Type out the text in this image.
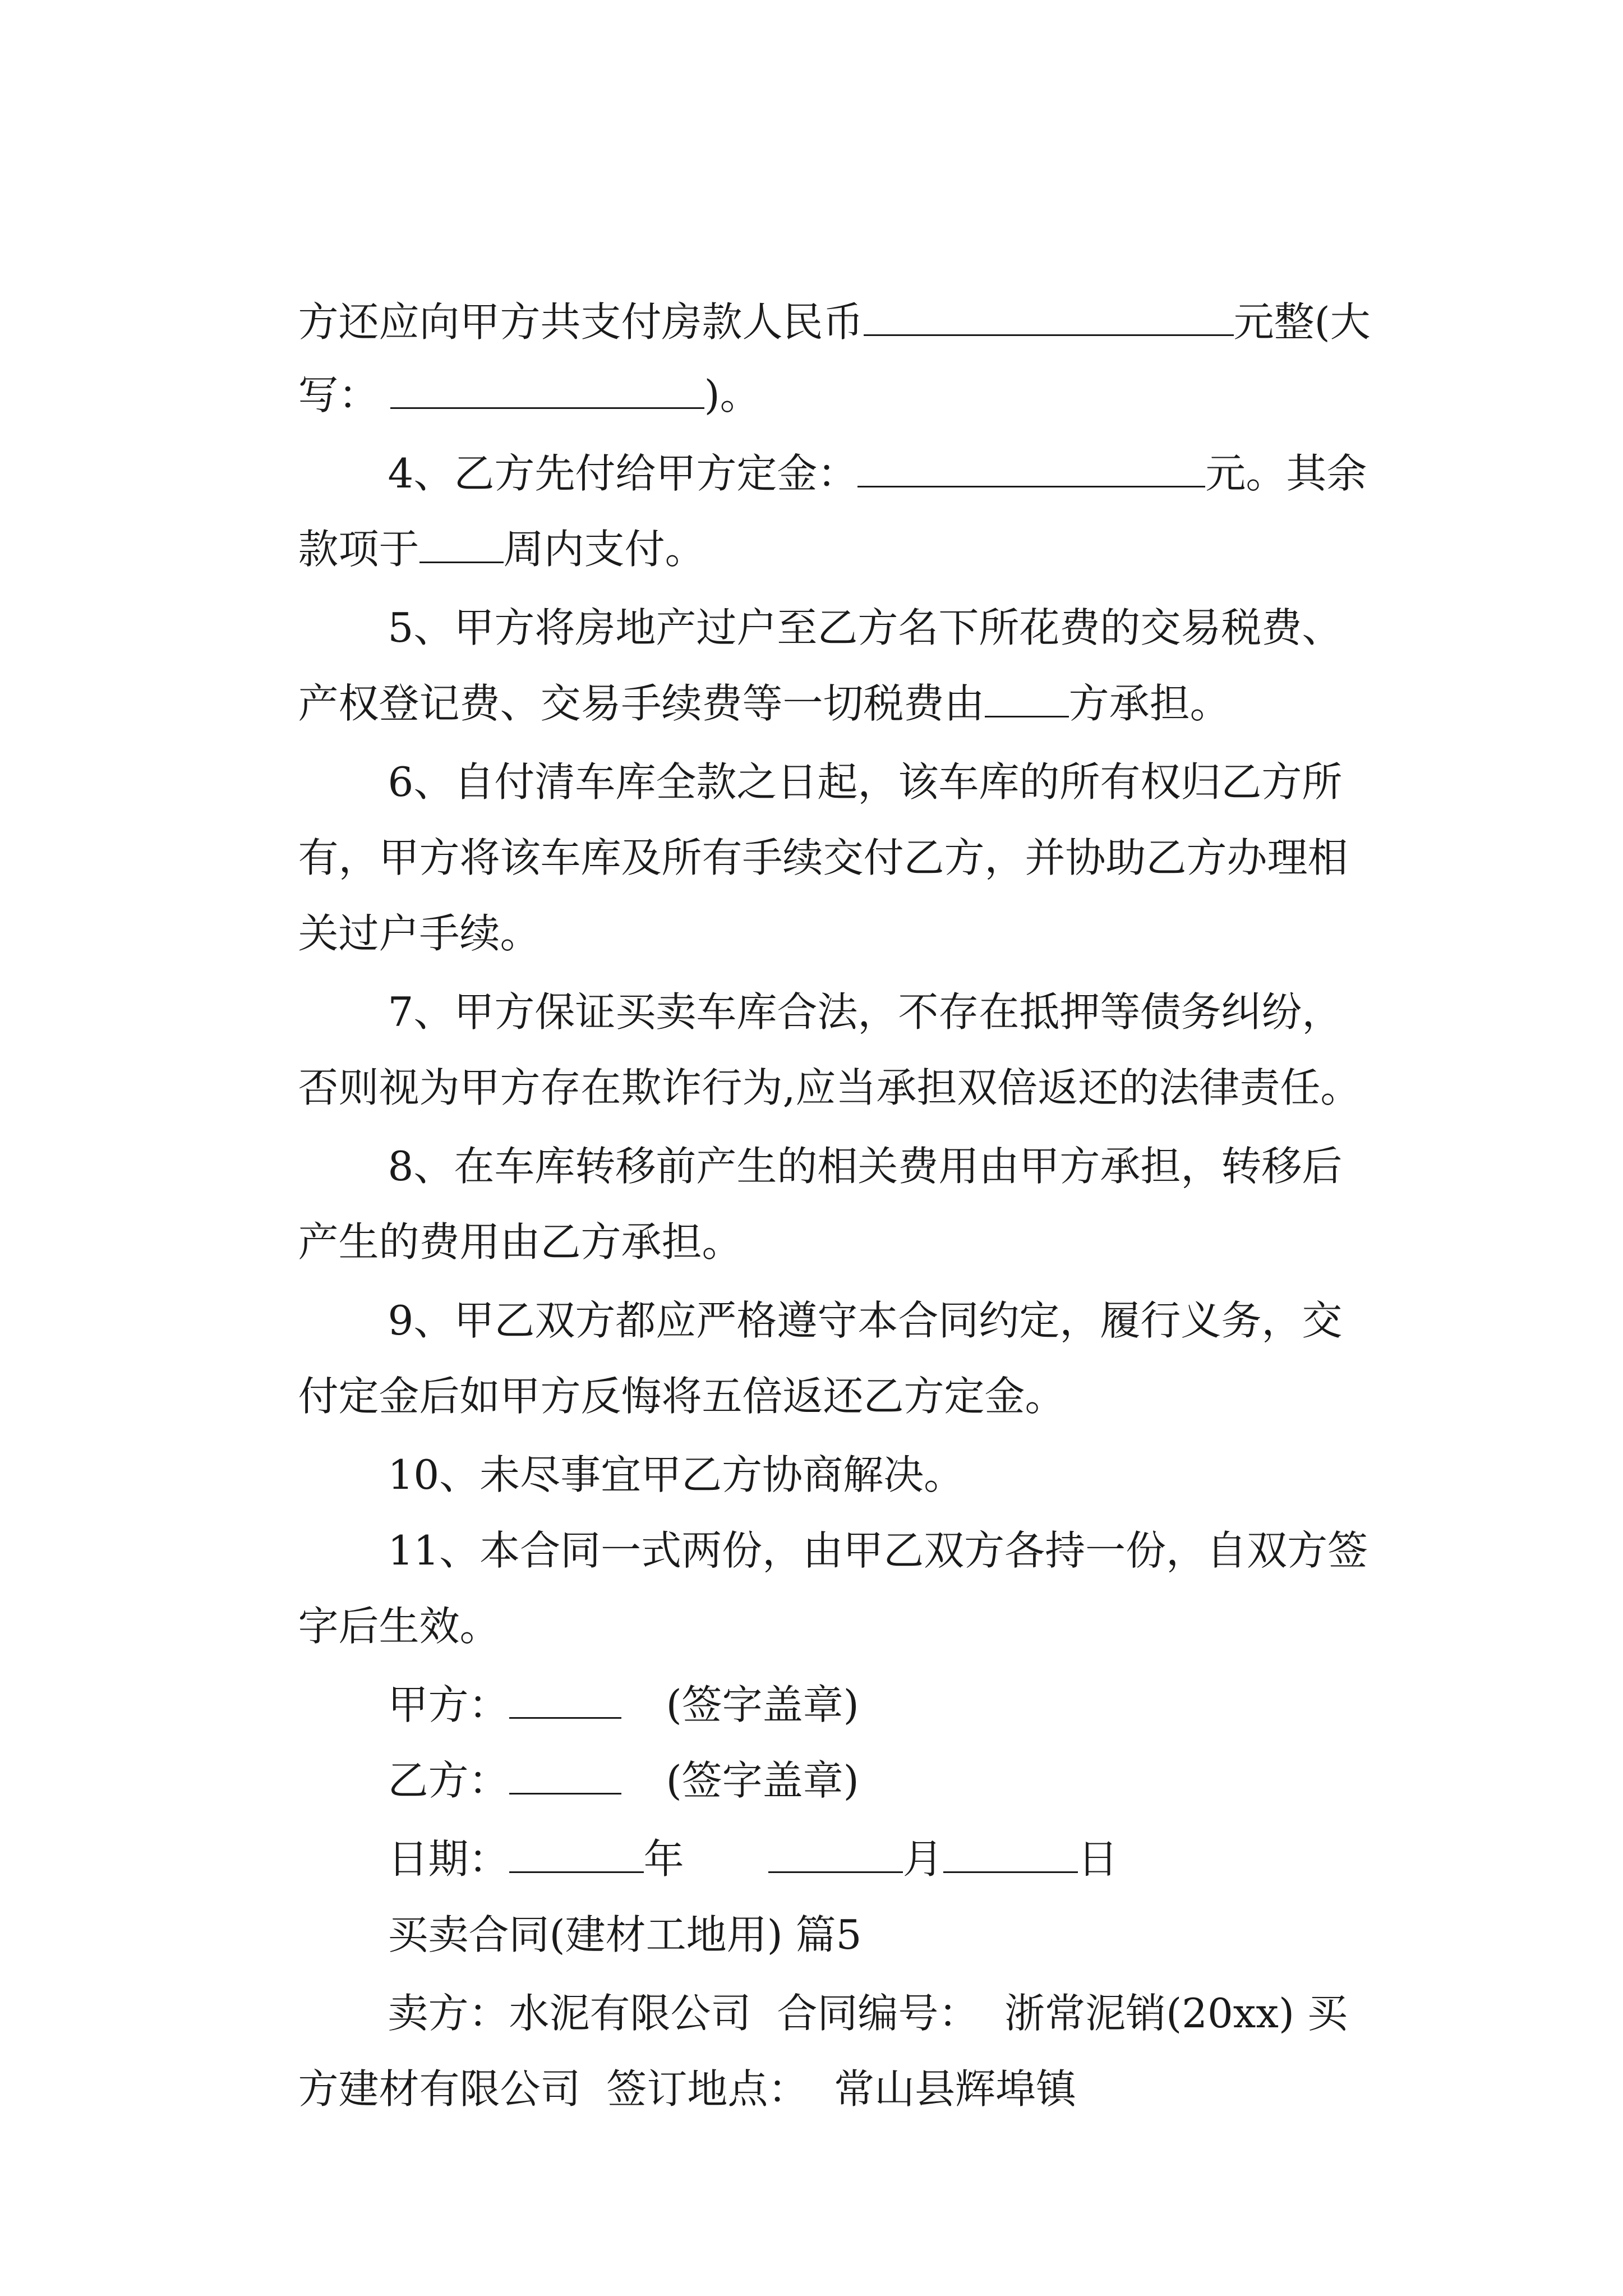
方还应向甲方共支付房款人民币	元整(大

写：	)。

4、乙方先付给甲方定金：	元。其余

款项于 周内支付。

5、甲方将房地产过户至乙方名下所花费的交易税费、

产权登记费、交易手续费等一切税费由 方承担。

6、自付清车库全款之日起，该车库的所有权归乙方所

有，甲方将该车库及所有手续交付乙方，并协助乙方办理相

关过户手续。

7、甲方保证买卖车库合法，不存在抵押等债务纠纷，

否则视为甲方存在欺诈行为,应当承担双倍返还的法律责任。

8、在车库转移前产生的相关费用由甲方承担，转移后

产生的费用由乙方承担。

9、甲乙双方都应严格遵守本合同约定，履行义务，交

付定金后如甲方反悔将五倍返还乙方定金。

10、未尽事宜甲乙方协商解决。

11、本合同一式两份，由甲乙双方各持一份，自双方签

字后生效。

甲方：	(签字盖章)

乙方：	(签字盖章)

日期：	年	月	日

买卖合同(建材工地用) 篇5

卖方：水泥有限公司  合同编号：  浙常泥销(20xx) 买

方建材有限公司  签订地点：  常山县辉埠镇
